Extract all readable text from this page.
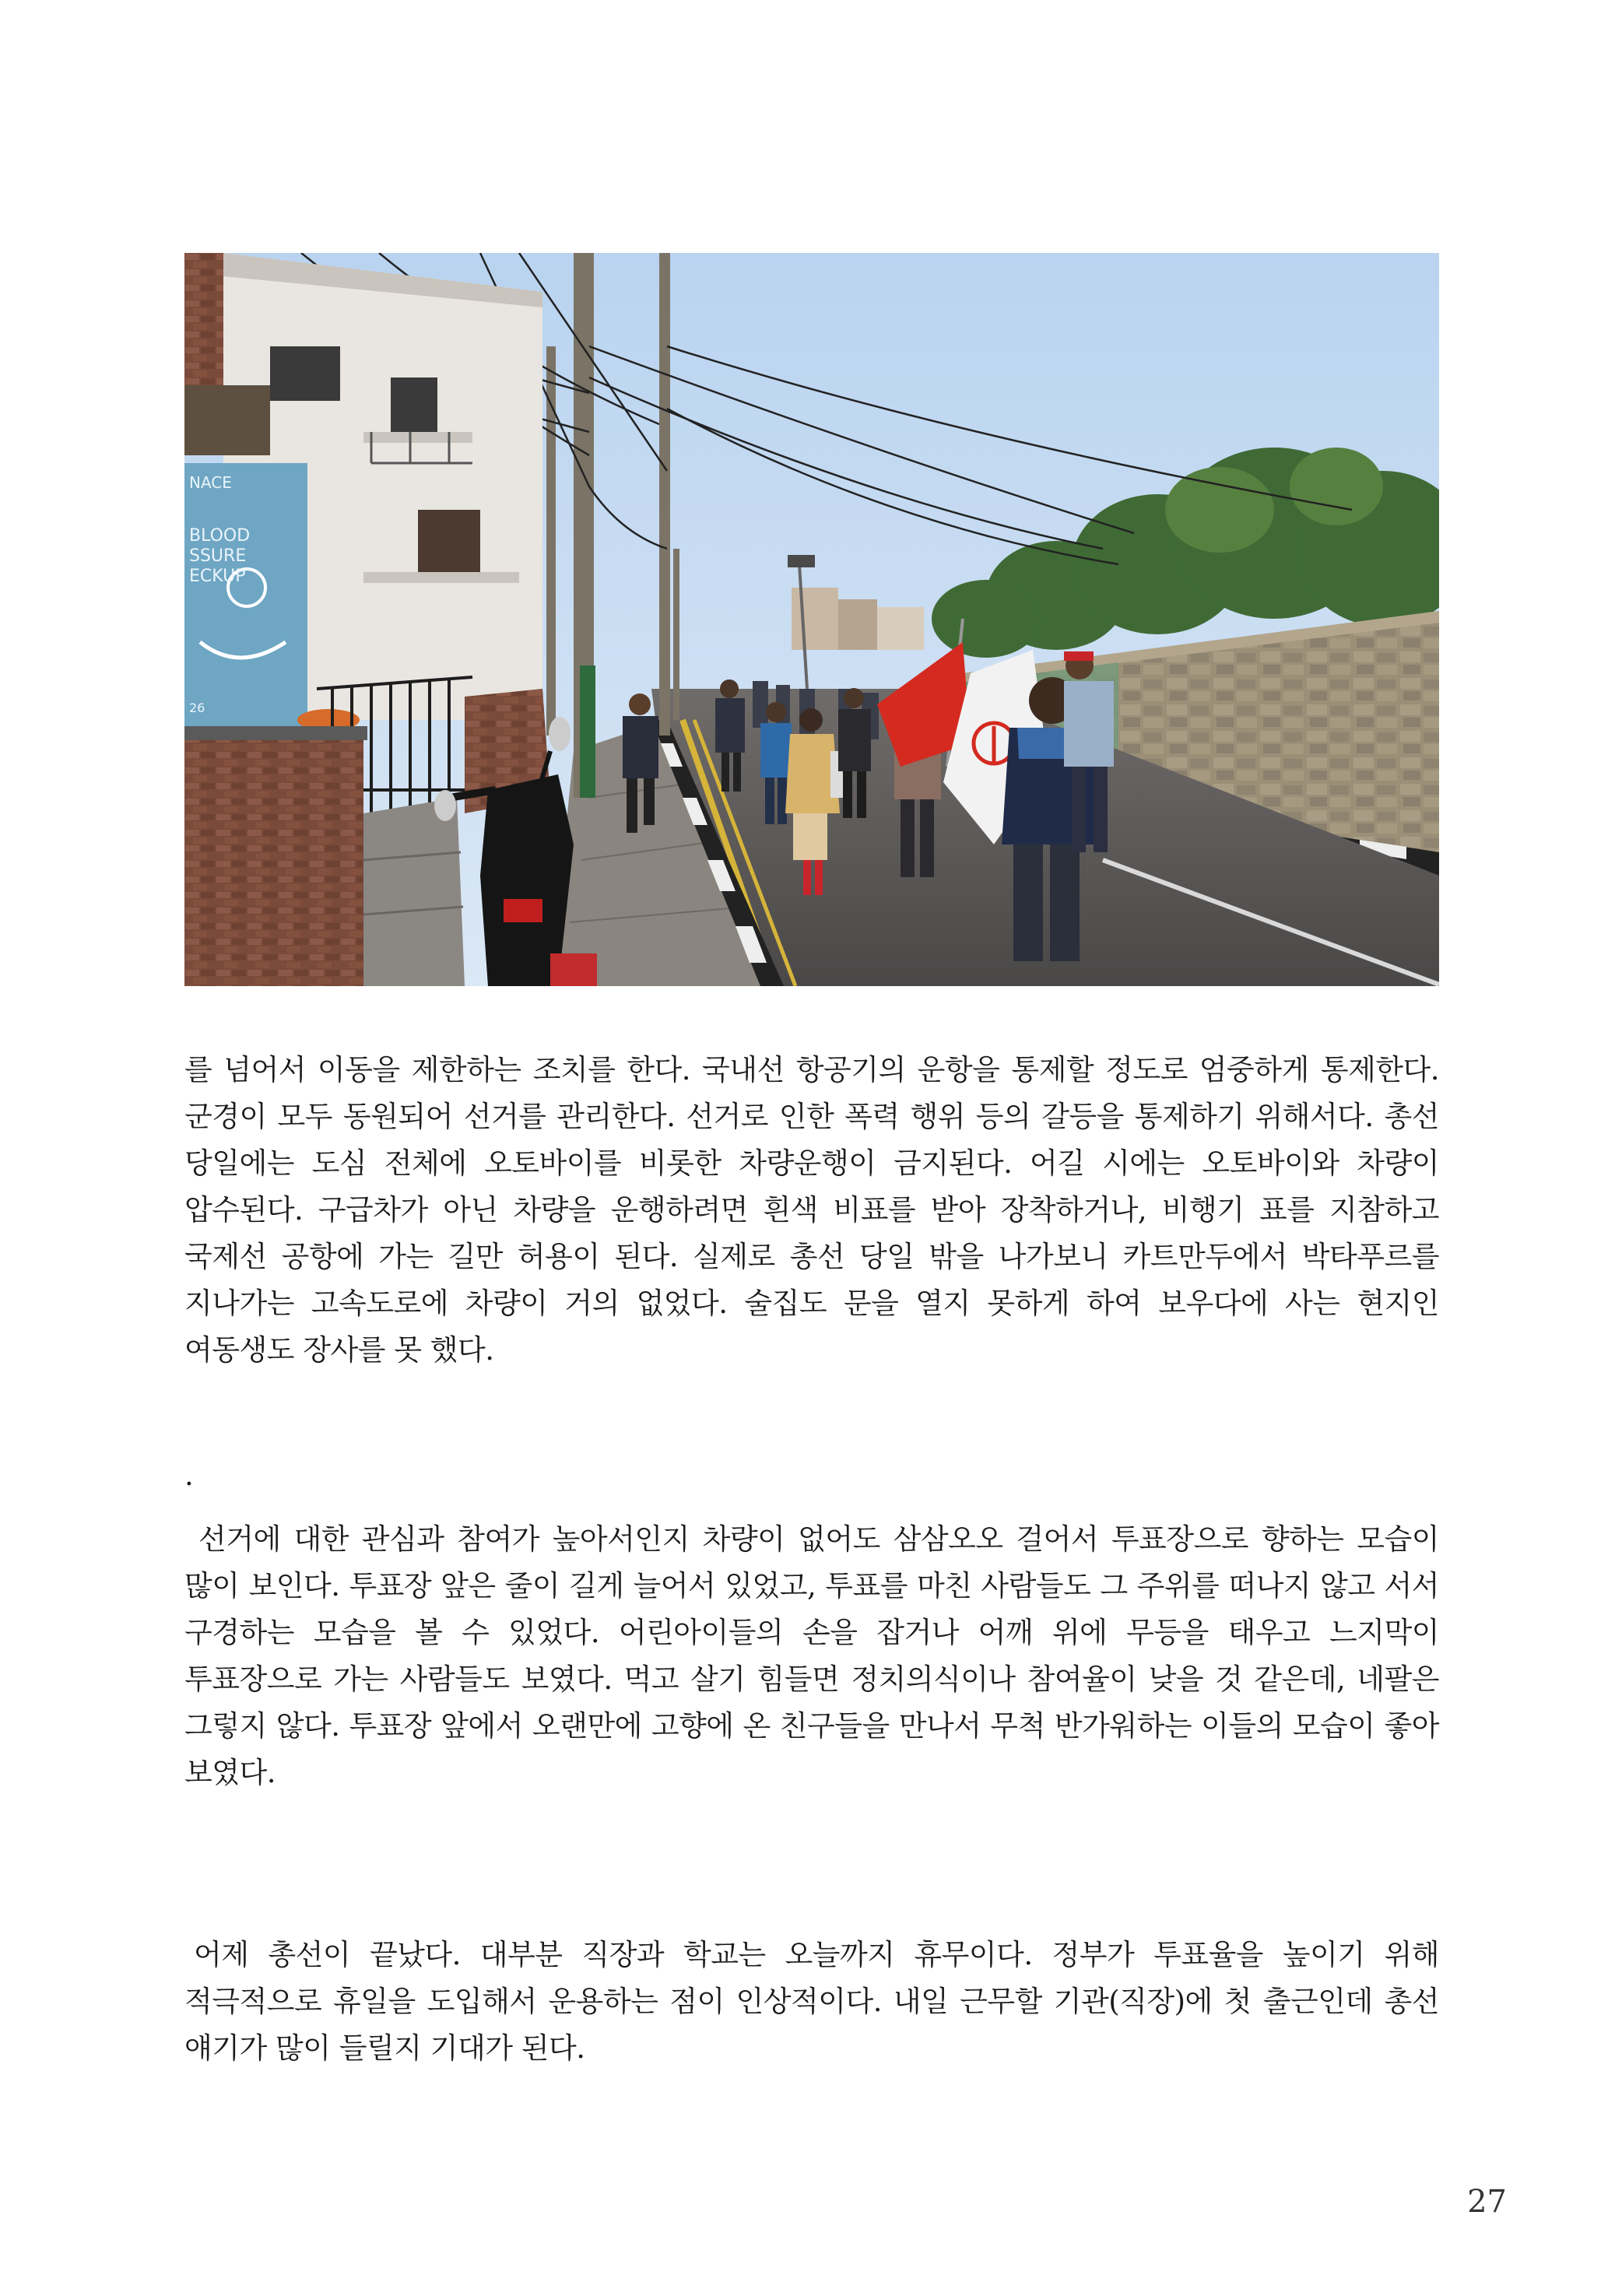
NACE
BLOOD
SSURE
ECKUP
26
를 넘어서 이동을 제한하는 조치를 한다. 국내선 항공기의 운항을 통제할 정도로 엄중하게 통제한다. 군경이 모두 동원되어 선거를 관리한다. 선거로 인한 폭력 행위 등의 갈등을 통제하기 위해서다. 총선 당일에는 도심 전체에 오토바이를 비롯한 차량운행이 금지된다. 어길 시에는 오토바이와 차량이 압수된다. 구급차가 아닌 차량을 운행하려면 흰색 비표를 받아 장착하거나, 비행기 표를 지참하고 국제선 공항에 가는 길만 허용이 된다. 실제로 총선 당일 밖을 나가보니 카트만두에서 박타푸르를 지나가는 고속도로에 차량이 거의 없었다. 술집도 문을 열지 못하게 하여 보우다에 사는 현지인 여동생도 장사를 못 했다.
.
선거에 대한 관심과 참여가 높아서인지 차량이 없어도 삼삼오오 걸어서 투표장으로 향하는 모습이 많이 보인다. 투표장 앞은 줄이 길게 늘어서 있었고, 투표를 마친 사람들도 그 주위를 떠나지 않고 서서 구경하는 모습을 볼 수 있었다. 어린아이들의 손을 잡거나 어깨 위에 무등을 태우고 느지막이 투표장으로 가는 사람들도 보였다. 먹고 살기 힘들면 정치의식이나 참여율이 낮을 것 같은데, 네팔은 그렇지 않다. 투표장 앞에서 오랜만에 고향에 온 친구들을 만나서 무척 반가워하는 이들의 모습이 좋아 보였다.
어제 총선이 끝났다. 대부분 직장과 학교는 오늘까지 휴무이다. 정부가 투표율을 높이기 위해 적극적으로 휴일을 도입해서 운용하는 점이 인상적이다. 내일 근무할 기관(직장)에 첫 출근인데 총선 얘기가 많이 들릴지 기대가 된다.
27
